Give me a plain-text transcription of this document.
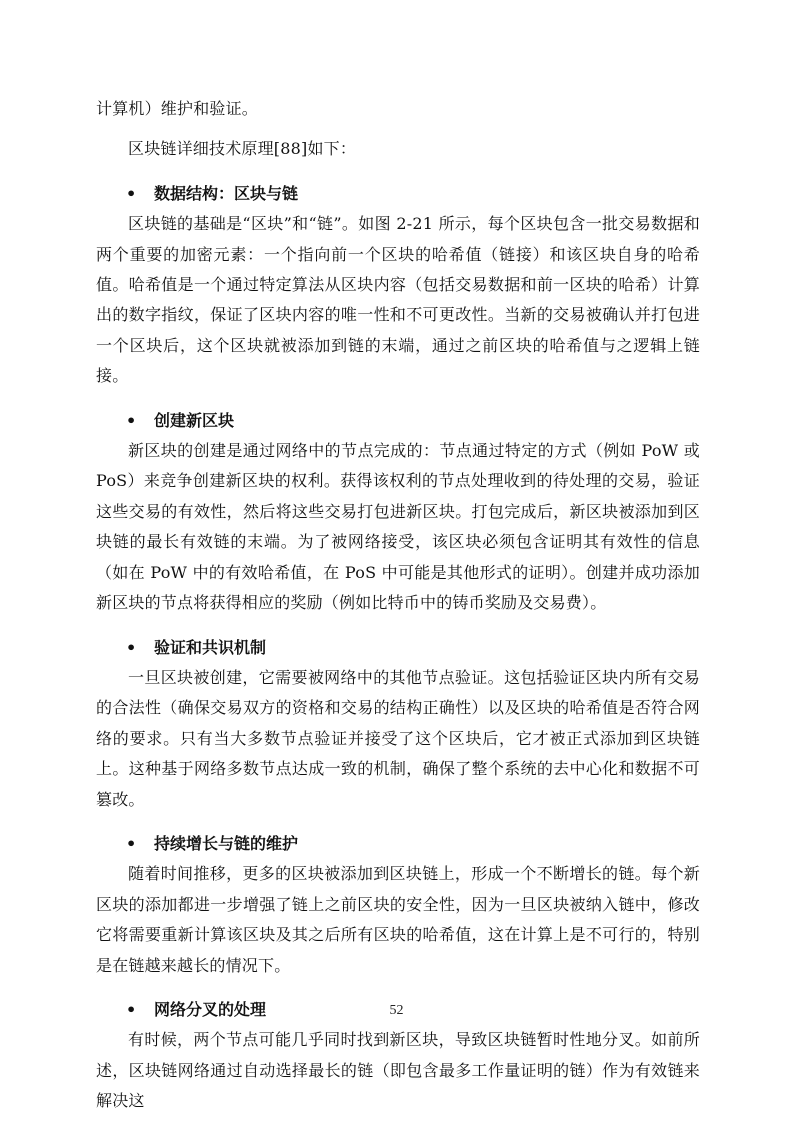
计算机）维护和验证。

区块链详细技术原理[88]如下：

•	数据结构：区块与链

区块链的基础是“区块”和“链”。如图 2-21 所示，每个区块包含一批交易数据和两个重要的加密元素：一个指向前一个区块的哈希值（链接）和该区块自身的哈希值。哈希值是一个通过特定算法从区块内容（包括交易数据和前一区块的哈希）计算出的数字指纹，保证了区块内容的唯一性和不可更改性。当新的交易被确认并打包进一个区块后，这个区块就被添加到链的末端，通过之前区块的哈希值与之逻辑上链接。

•	创建新区块

新区块的创建是通过网络中的节点完成的：节点通过特定的方式（例如 PoW 或 PoS）来竞争创建新区块的权利。获得该权利的节点处理收到的待处理的交易，验证这些交易的有效性，然后将这些交易打包进新区块。打包完成后，新区块被添加到区块链的最长有效链的末端。为了被网络接受，该区块必须包含证明其有效性的信息（如在 PoW 中的有效哈希值，在 PoS 中可能是其他形式的证明）。创建并成功添加新区块的节点将获得相应的奖励（例如比特币中的铸币奖励及交易费）。

•	验证和共识机制

一旦区块被创建，它需要被网络中的其他节点验证。这包括验证区块内所有交易的合法性（确保交易双方的资格和交易的结构正确性）以及区块的哈希值是否符合网络的要求。只有当大多数节点验证并接受了这个区块后，它才被正式添加到区块链上。这种基于网络多数节点达成一致的机制，确保了整个系统的去中心化和数据不可篡改。

•	持续增长与链的维护

随着时间推移，更多的区块被添加到区块链上，形成一个不断增长的链。每个新区块的添加都进一步增强了链上之前区块的安全性，因为一旦区块被纳入链中，修改它将需要重新计算该区块及其之后所有区块的哈希值，这在计算上是不可行的，特别是在链越来越长的情况下。

•	网络分叉的处理

有时候，两个节点可能几乎同时找到新区块，导致区块链暂时性地分叉。如前所述，区块链网络通过自动选择最长的链（即包含最多工作量证明的链）作为有效链来解决这

52
